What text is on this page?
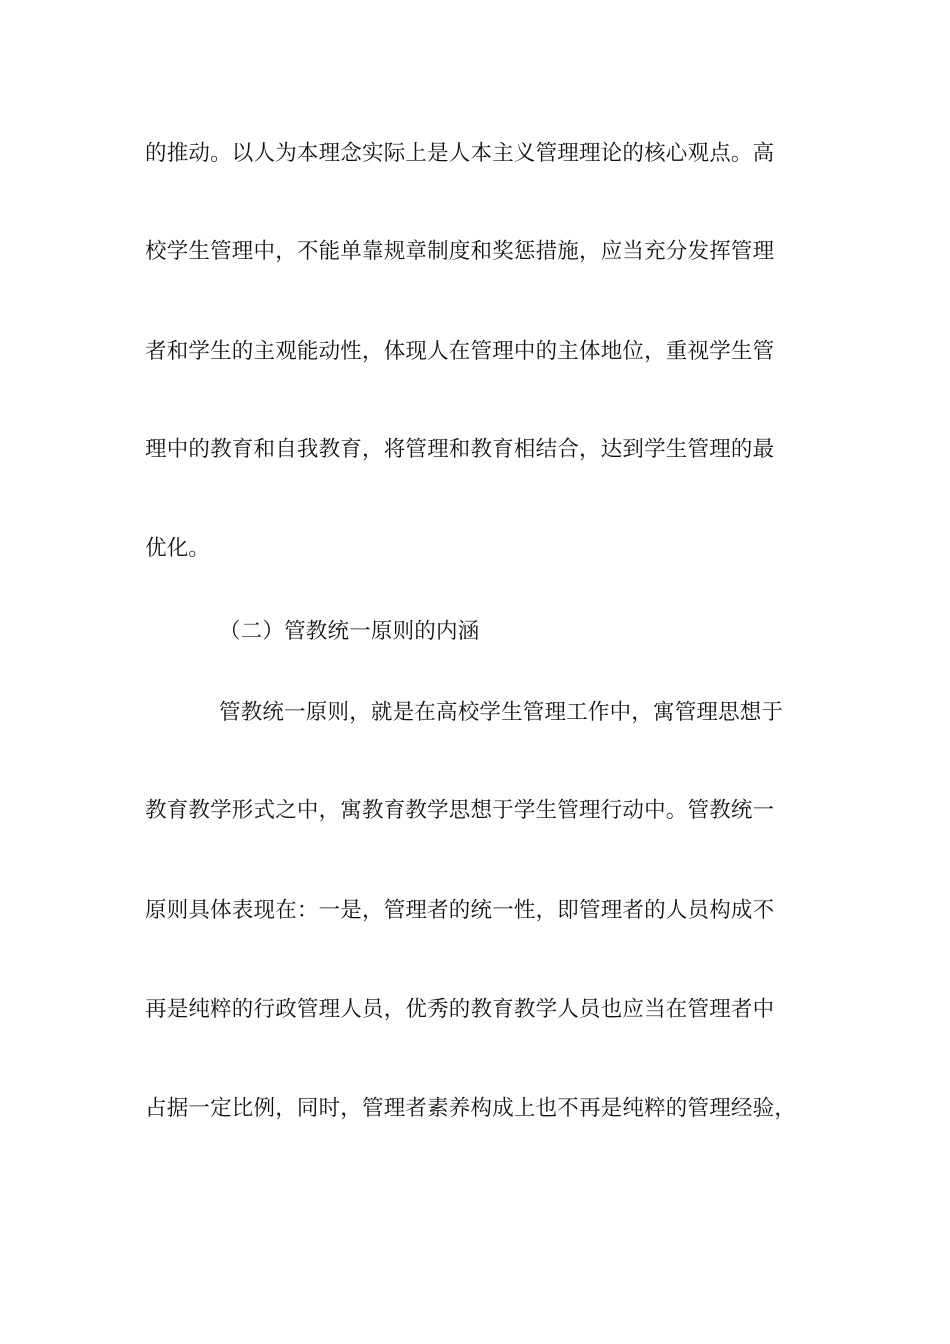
的推动。以人为本理念实际上是人本主义管理理论的核心观点。高
校学生管理中，不能单靠规章制度和奖惩措施，应当充分发挥管理
者和学生的主观能动性，体现人在管理中的主体地位，重视学生管
理中的教育和自我教育，将管理和教育相结合，达到学生管理的最
优化。
（二）管教统一原则的内涵
管教统一原则，就是在高校学生管理工作中，寓管理思想于
教育教学形式之中，寓教育教学思想于学生管理行动中。管教统一
原则具体表现在：一是，管理者的统一性，即管理者的人员构成不
再是纯粹的行政管理人员，优秀的教育教学人员也应当在管理者中
占据一定比例，同时，管理者素养构成上也不再是纯粹的管理经验，
